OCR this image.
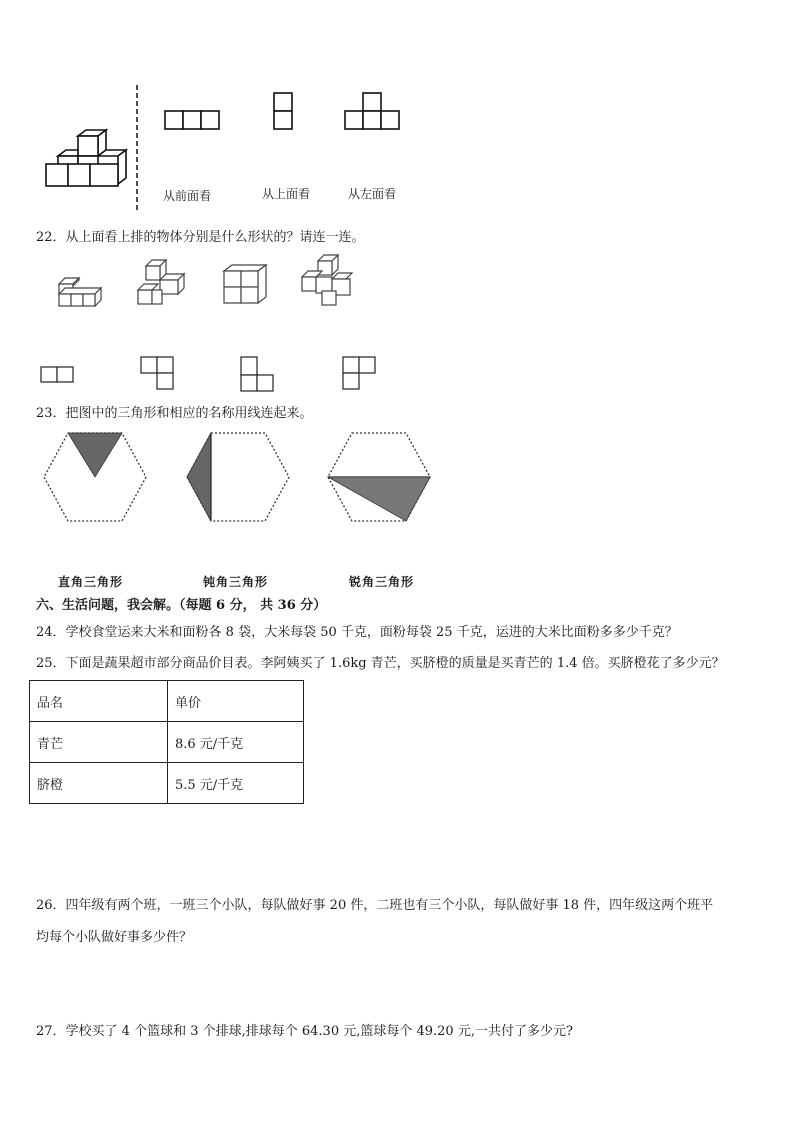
从前面看	从上面看	从左面看
22．从上面看上排的物体分别是什么形状的？请连一连。
23．把图中的三角形和相应的名称用线连起来。
直角三角形	钝角三角形	锐角三角形
六、生活问题，我会解。（每题 6 分， 共 36 分）
24．学校食堂运来大米和面粉各 8 袋，大米每袋 50 千克，面粉每袋 25 千克，运进的大米比面粉多多少千克？
25．下面是蔬果超市部分商品价目表。李阿姨买了 1.6kg 青芒，买脐橙的质量是买青芒的 1.4 倍。买脐橙花了多少元？
品名	单价
青芒	8.6 元/千克
脐橙	5.5 元/千克
26．四年级有两个班，一班三个小队，每队做好事 20 件，二班也有三个小队，每队做好事 18 件，四年级这两个班平
均每个小队做好事多少件？
27．学校买了 4 个篮球和 3 个排球,排球每个 64.30 元,篮球每个 49.20 元,一共付了多少元?
